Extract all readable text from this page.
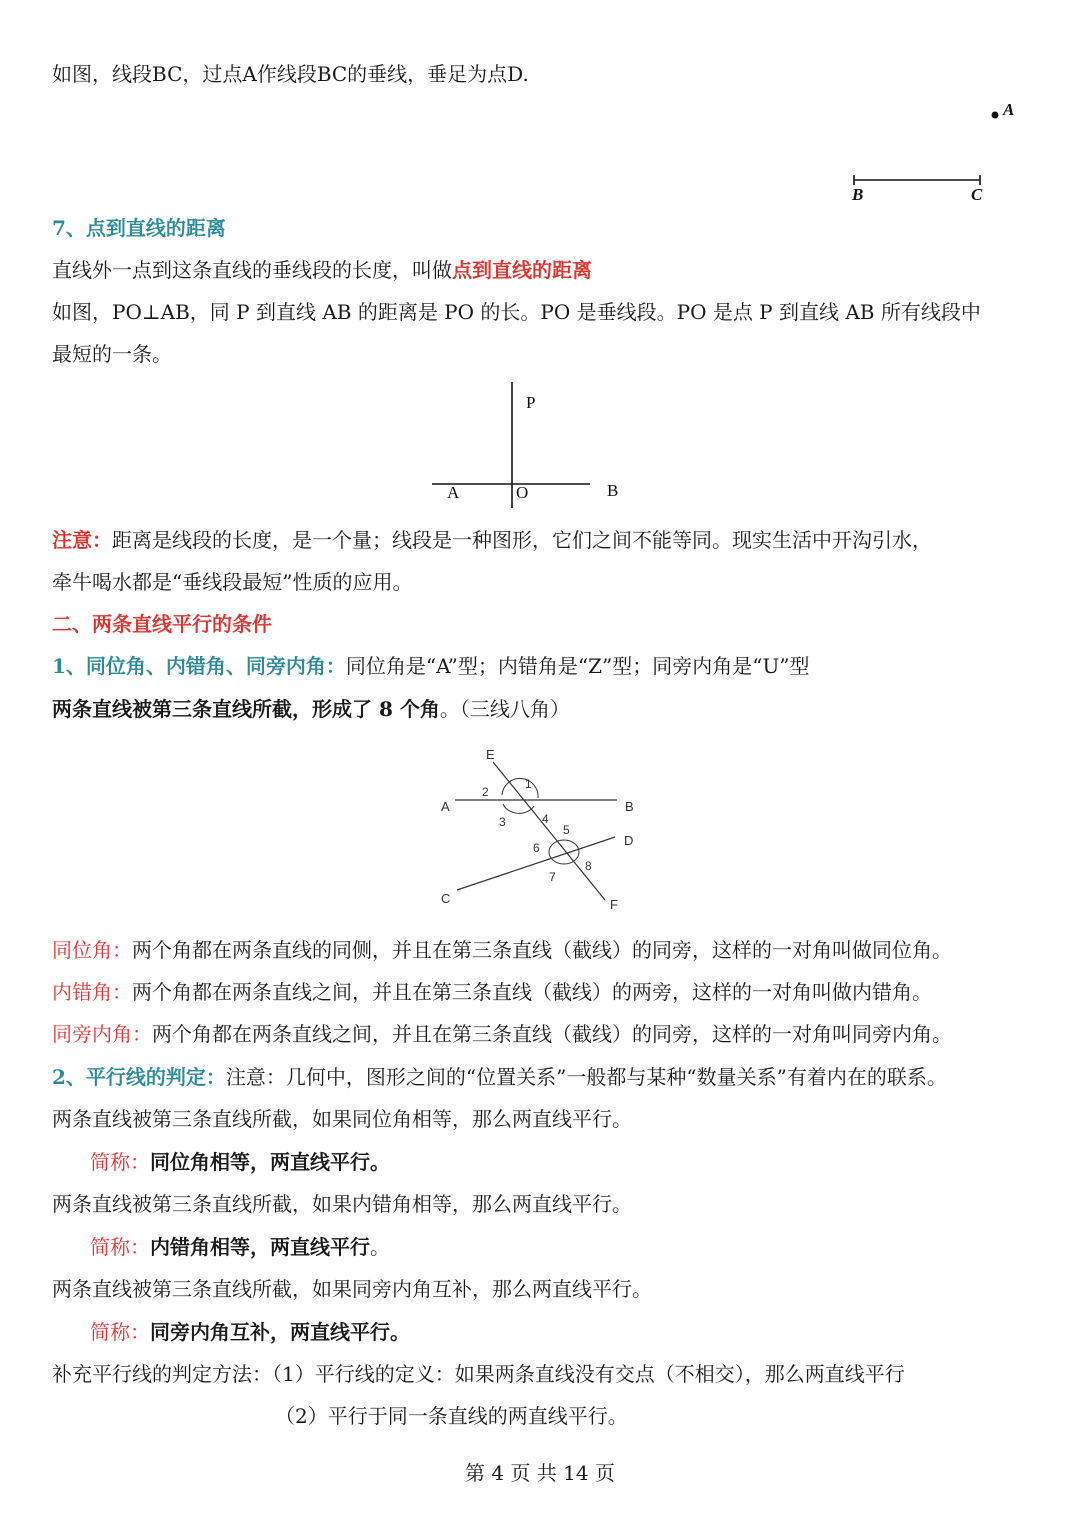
如图，线段BC，过点A作线段BC的垂线，垂足为点D.
A
B	C
7、点到直线的距离
直线外一点到这条直线的垂线段的长度，叫做点到直线的距离
如图，PO⊥AB，同 P 到直线 AB 的距离是 PO 的长。PO 是垂线段。PO 是点 P 到直线 AB 所有线段中
最短的一条。
P
A	O	B
注意：距离是线段的长度，是一个量；线段是一种图形，它们之间不能等同。现实生活中开沟引水，
牵牛喝水都是“垂线段最短”性质的应用。
二、两条直线平行的条件
1、同位角、内错角、同旁内角：同位角是“A”型；内错角是“Z”型；同旁内角是“U”型
两条直线被第三条直线所截，形成了 8 个角。（三线八角）
E
A	B
C
D
F
1
2
3	4
5
6
7
8
同位角：两个角都在两条直线的同侧，并且在第三条直线（截线）的同旁，这样的一对角叫做同位角。
内错角：两个角都在两条直线之间，并且在第三条直线（截线）的两旁，这样的一对角叫做内错角。
同旁内角：两个角都在两条直线之间，并且在第三条直线（截线）的同旁，这样的一对角叫同旁内角。
2、平行线的判定：注意：几何中，图形之间的“位置关系”一般都与某种“数量关系”有着内在的联系。
两条直线被第三条直线所截，如果同位角相等，那么两直线平行。
简称：同位角相等，两直线平行。
两条直线被第三条直线所截，如果内错角相等，那么两直线平行。
简称：内错角相等，两直线平行。
两条直线被第三条直线所截，如果同旁内角互补，那么两直线平行。
简称：同旁内角互补，两直线平行。
补充平行线的判定方法：（1）平行线的定义：如果两条直线没有交点（不相交），那么两直线平行
（2）平行于同一条直线的两直线平行。
第 4 页 共 14 页
